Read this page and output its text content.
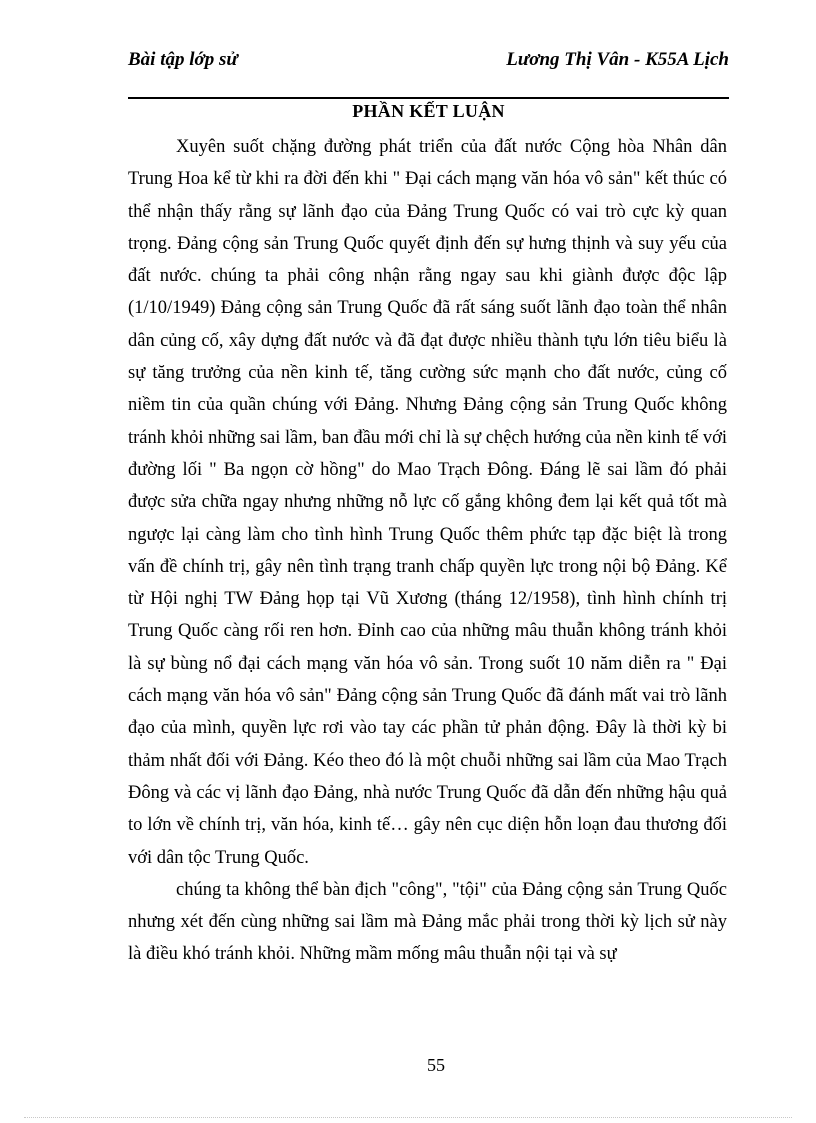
Bài tập lớp sử	Lương Thị Vân - K55A Lịch
PHẦN KẾT LUẬN

Xuyên suốt chặng đường phát triển của đất nước Cộng hòa Nhân dân Trung Hoa kể từ khi ra đời đến khi " Đại cách mạng văn hóa vô sản" kết thúc có thể nhận thấy rằng sự lãnh đạo của Đảng Trung Quốc có vai trò cực kỳ quan trọng. Đảng cộng sản Trung Quốc quyết định đến sự hưng thịnh và suy yếu của đất nước. chúng ta phải công nhận rằng ngay sau khi giành được độc lập (1/10/1949) Đảng cộng sản Trung Quốc đã rất sáng suốt lãnh đạo toàn thể nhân dân củng cố, xây dựng đất nước và đã đạt được nhiều thành tựu lớn tiêu biểu là sự tăng trưởng của nền kinh tế, tăng cường sức mạnh cho đất nước, củng cố niềm tin của quần chúng với Đảng. Nhưng Đảng cộng sản Trung Quốc không tránh khỏi những sai lầm, ban đầu mới chỉ là sự chệch hướng của nền kinh tế với đường lối " Ba ngọn cờ hồng" do Mao Trạch Đông. Đáng lẽ sai lầm đó phải được sửa chữa ngay nhưng những nỗ lực cố gắng không đem lại kết quả tốt mà ngược lại càng làm cho tình hình Trung Quốc thêm phức tạp đặc biệt là trong vấn đề chính trị, gây nên tình trạng tranh chấp quyền lực trong nội bộ Đảng. Kể từ Hội nghị TW Đảng họp tại Vũ Xương (tháng 12/1958), tình hình chính trị Trung Quốc càng rối ren hơn. Đỉnh cao của những mâu thuẫn không tránh khỏi là sự bùng nổ đại cách mạng văn hóa vô sản. Trong suốt 10 năm diễn ra " Đại cách mạng văn hóa vô sản" Đảng cộng sản Trung Quốc đã đánh mất vai trò lãnh đạo của mình, quyền lực rơi vào tay các phần tử phản động. Đây là thời kỳ bi thảm nhất đối với Đảng. Kéo theo đó là một chuỗi những sai lầm của Mao Trạch Đông và các vị lãnh đạo Đảng, nhà nước Trung Quốc đã dẫn đến những hậu quả to lớn về chính trị, văn hóa, kinh tế… gây nên cục diện hỗn loạn đau thương đối với dân tộc Trung Quốc.

chúng ta không thể bàn địch "công", "tội" của Đảng cộng sản Trung Quốc nhưng xét đến cùng những sai lầm mà Đảng mắc phải trong thời kỳ lịch sử này là điều khó tránh khỏi. Những mầm mống mâu thuẫn nội tại và sự

55
